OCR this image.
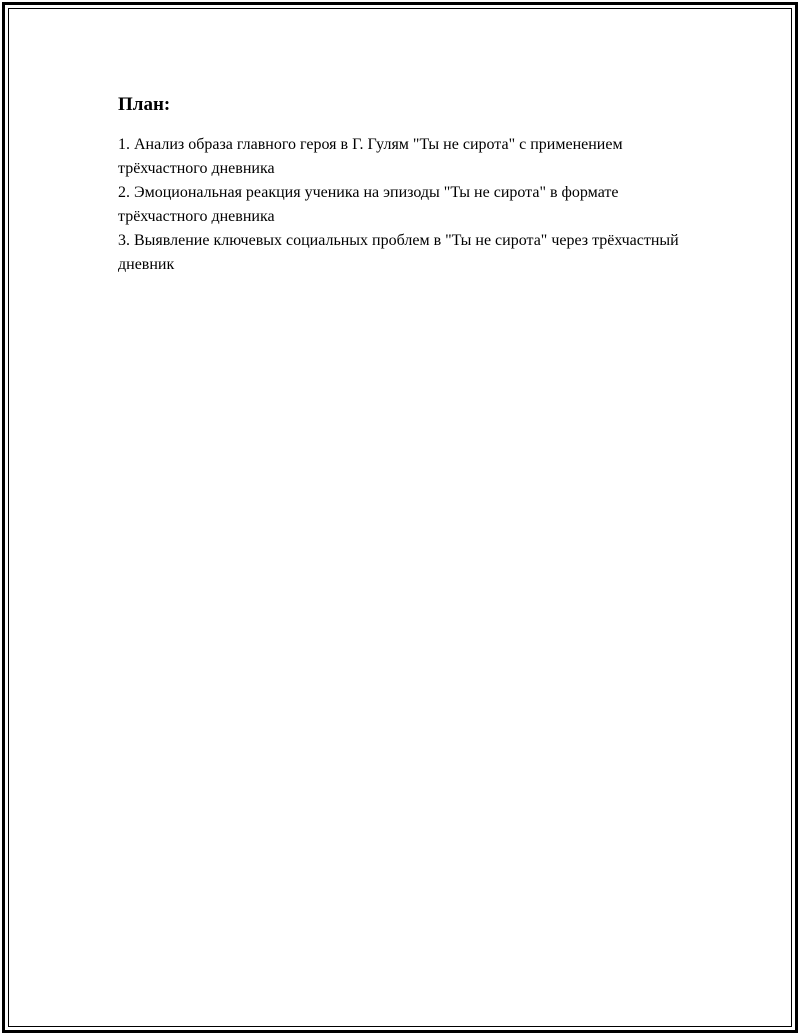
План:
1. Анализ образа главного героя в Г. Гулям "Ты не сирота" с применением трёхчастного дневника
2. Эмоциональная реакция ученика на эпизоды "Ты не сирота" в формате трёхчастного дневника
3. Выявление ключевых социальных проблем в "Ты не сирота" через трёхчастный дневник
